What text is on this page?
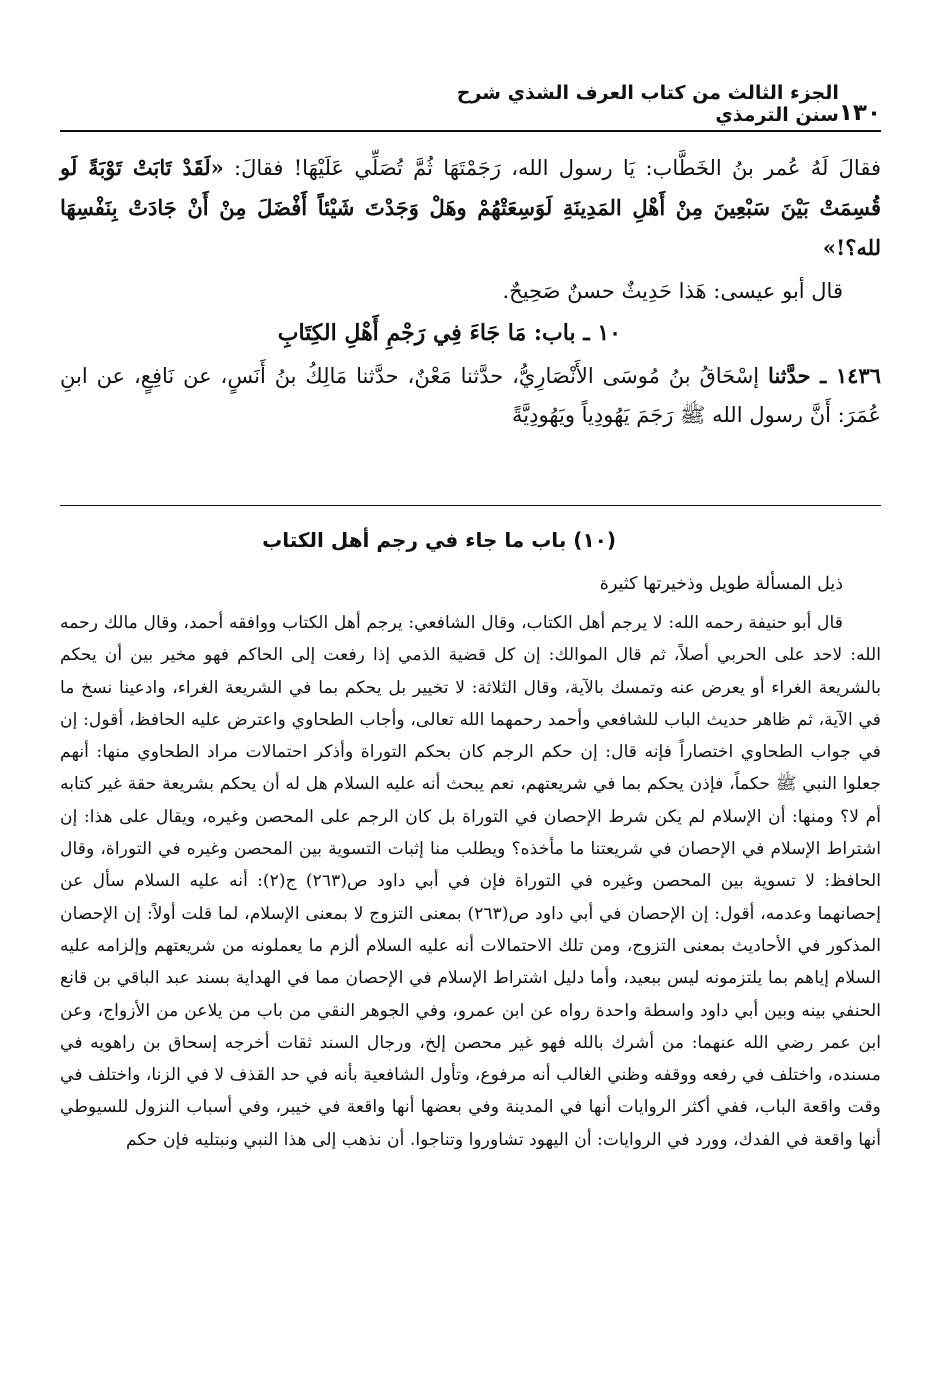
١٣٠
الجزء الثالث من كتاب العرف الشذي شرح سنن الترمذي

فقالَ لَهُ عُمر بنُ الخَطَّاب: يَا رسول الله، رَجَمْتَهَا ثُمَّ تُصَلِّي عَلَيْهَا! فقالَ: «لَقَدْ تَابَتْ تَوْبَةً لَو قُسِمَتْ بَيْنَ سَبْعِينَ مِنْ أَهْلِ المَدِينَةِ لَوَسِعَتْهُمْ وهَلْ وَجَدْتَ شَيْئاً أَفْضَلَ مِنْ أَنْ جَادَتْ بِنَفْسِهَا لله؟!»

قال أبو عيسى: هَذا حَدِيثٌ حسنٌ صَحِيحٌ.

١٠ ـ باب: مَا جَاءَ فِي رَجْمِ أَهْلِ الكِتَابِ

١٤٣٦ ـ حدَّثنا إسْحَاقُ بنُ مُوسَى الأَنْصَارِيُّ، حدَّثنا مَعْنٌ، حدَّثنا مَالِكُ بنُ أَنَسٍ، عن نَافِعٍ، عن ابنِ عُمَرَ: أَنَّ رسول الله ﷺ رَجَمَ يَهُودِياً ويَهُودِيَّةً

(١٠) باب ما جاء في رجم أهل الكتاب

ذيل المسألة طويل وذخيرتها كثيرة

قال أبو حنيفة رحمه الله: لا يرجم أهل الكتاب، وقال الشافعي: يرجم أهل الكتاب ووافقه أحمد، وقال مالك رحمه الله: لاحد على الحربي أصلاً، ثم قال الموالك: إن كل قضية الذمي إذا رفعت إلى الحاكم فهو مخير بين أن يحكم بالشريعة الغراء أو يعرض عنه وتمسك بالآية، وقال الثلاثة: لا تخيير بل يحكم بما في الشريعة الغراء، وادعينا نسخ ما في الآية، ثم ظاهر حديث الباب للشافعي وأحمد رحمهما الله تعالى، وأجاب الطحاوي واعترض عليه الحافظ، أقول: إن في جواب الطحاوي اختصاراً فإنه قال: إن حكم الرجم كان بحكم التوراة وأذكر احتمالات مراد الطحاوي منها: أنهم جعلوا النبي ﷺ حكماً، فإذن يحكم بما في شريعتهم، نعم يبحث أنه عليه السلام هل له أن يحكم بشريعة حقة غير كتابه أم لا؟ ومنها: أن الإسلام لم يكن شرط الإحصان في التوراة بل كان الرجم على المحصن وغيره، ويقال على هذا: إن اشتراط الإسلام في الإحصان في شريعتنا ما مأخذه؟ ويطلب منا إثبات التسوية بين المحصن وغيره في التوراة، وقال الحافظ: لا تسوية بين المحصن وغيره في التوراة فإن في أبي داود ص(٢٦٣) ج(٢): أنه عليه السلام سأل عن إحصانهما وعدمه، أقول: إن الإحصان في أبي داود ص(٢٦٣) بمعنى التزوج لا بمعنى الإسلام، لما قلت أولاً: إن الإحصان المذكور في الأحاديث بمعنى التزوج، ومن تلك الاحتمالات أنه عليه السلام ألزم ما يعملونه من شريعتهم وإلزامه عليه السلام إياهم بما يلتزمونه ليس ببعيد، وأما دليل اشتراط الإسلام في الإحصان مما في الهداية بسند عبد الباقي بن قانع الحنفي بينه وبين أبي داود واسطة واحدة رواه عن ابن عمرو، وفي الجوهر النقي من باب من يلاعن من الأزواج، وعن ابن عمر رضي الله عنهما: من أشرك بالله فهو غير محصن إلخ، ورجال السند ثقات أخرجه إسحاق بن راهويه في مسنده، واختلف في رفعه ووقفه وظني الغالب أنه مرفوع، وتأول الشافعية بأنه في حد القذف لا في الزنا، واختلف في وقت واقعة الباب، ففي أكثر الروايات أنها في المدينة وفي بعضها أنها واقعة في خيبر، وفي أسباب النزول للسيوطي أنها واقعة في الفدك، وورد في الروايات: أن اليهود تشاوروا وتناجوا. أن نذهب إلى هذا النبي ونبتليه فإن حكم
